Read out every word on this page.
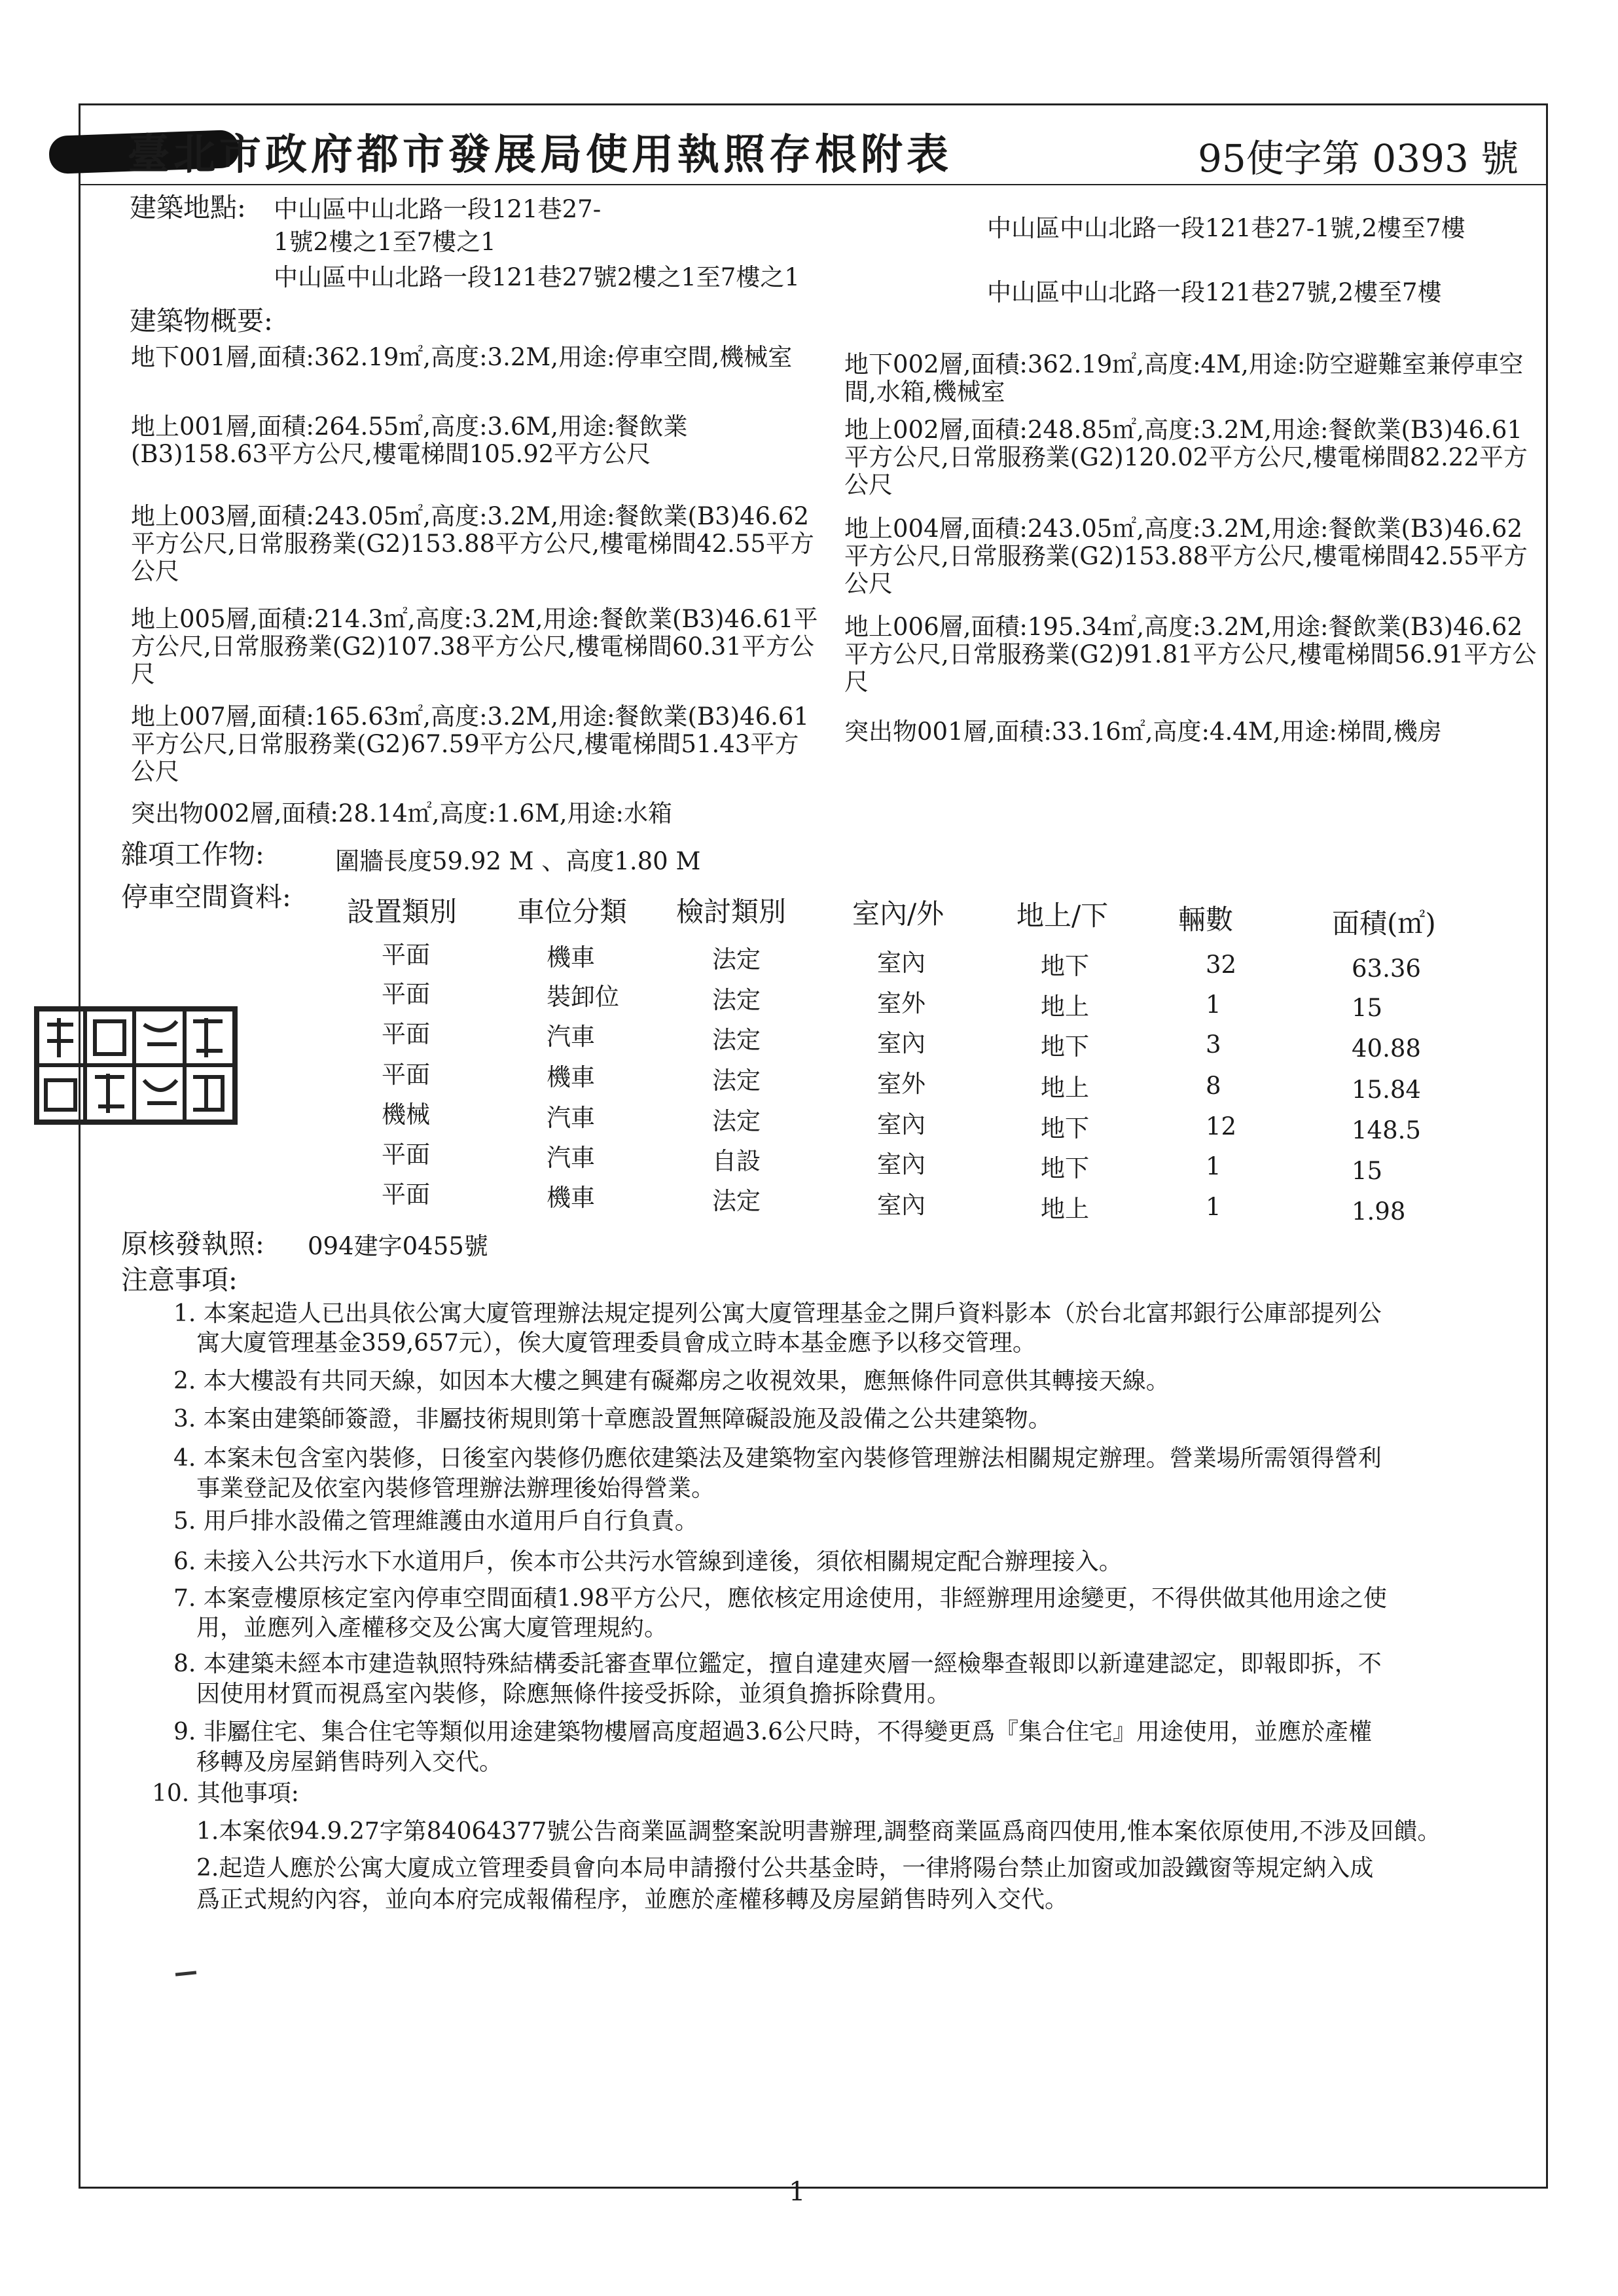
臺北市政府都市發展局使用執照存根附表	95使字第 0393 號
建築地點: 中山區中山北路一段121巷27-
1號2樓之1至7樓之1
中山區中山北路一段121巷27號2樓之1至7樓之1
中山區中山北路一段121巷27-1號,2樓至7樓
中山區中山北路一段121巷27號,2樓至7樓
建築物概要:
地下001層,面積:362.19㎡,高度:3.2M,用途:停車空間,機械室
地上001層,面積:264.55㎡,高度:3.6M,用途:餐飲業(B3)158.63平方公尺,樓電梯間105.92平方公尺
地上003層,面積:243.05㎡,高度:3.2M,用途:餐飲業(B3)46.62平方公尺,日常服務業(G2)153.88平方公尺,樓電梯間42.55平方公尺
地上005層,面積:214.3㎡,高度:3.2M,用途:餐飲業(B3)46.61平方公尺,日常服務業(G2)107.38平方公尺,樓電梯間60.31平方公尺
地上007層,面積:165.63㎡,高度:3.2M,用途:餐飲業(B3)46.61平方公尺,日常服務業(G2)67.59平方公尺,樓電梯間51.43平方公尺
突出物002層,面積:28.14㎡,高度:1.6M,用途:水箱
地下002層,面積:362.19㎡,高度:4M,用途:防空避難室兼停車空間,水箱,機械室
地上002層,面積:248.85㎡,高度:3.2M,用途:餐飲業(B3)46.61平方公尺,日常服務業(G2)120.02平方公尺,樓電梯間82.22平方公尺
地上004層,面積:243.05㎡,高度:3.2M,用途:餐飲業(B3)46.62平方公尺,日常服務業(G2)153.88平方公尺,樓電梯間42.55平方公尺
地上006層,面積:195.34㎡,高度:3.2M,用途:餐飲業(B3)46.62平方公尺,日常服務業(G2)91.81平方公尺,樓電梯間56.91平方公尺
突出物001層,面積:33.16㎡,高度:4.4M,用途:梯間,機房
雜項工作物:	圍牆長度59.92 M 、高度1.80 M
停車空間資料: 設置類別 車位分類 檢討類別 室內/外	地上/下	輛數	面積(㎡)
平面	機車	法定	室內	地下	32	63.36
平面	裝卸位	法定	室外	地上	1	15
平面	汽車	法定	室內	地下	3	40.88
平面	機車	法定	室外	地上	8	15.84
機械	汽車	法定	室內	地下	12	148.5
平面	汽車	自設	室內	地下	1	15
平面	機車	法定	室內	地上	1	1.98
原核發執照: 094建字0455號
注意事項:
1. 本案起造人已出具依公寓大廈管理辦法規定提列公寓大廈管理基金之開戶資料影本（於台北富邦銀行公庫部提列公
寓大廈管理基金359,657元），俟大廈管理委員會成立時本基金應予以移交管理。
2. 本大樓設有共同天線，如因本大樓之興建有礙鄰房之收視效果，應無條件同意供其轉接天線。
3. 本案由建築師簽證，非屬技術規則第十章應設置無障礙設施及設備之公共建築物。
4. 本案未包含室內裝修，日後室內裝修仍應依建築法及建築物室內裝修管理辦法相關規定辦理。營業場所需領得營利
事業登記及依室內裝修管理辦法辦理後始得營業。
5. 用戶排水設備之管理維護由水道用戶自行負責。
6. 未接入公共污水下水道用戶，俟本市公共污水管線到達後，須依相關規定配合辦理接入。
7. 本案壹樓原核定室內停車空間面積1.98平方公尺，應依核定用途使用，非經辦理用途變更，不得供做其他用途之使
用，並應列入產權移交及公寓大廈管理規約。
8. 本建築未經本市建造執照特殊結構委託審查單位鑑定，擅自違建夾層一經檢舉查報即以新違建認定，即報即拆，不
因使用材質而視爲室內裝修，除應無條件接受拆除，並須負擔拆除費用。
9. 非屬住宅、集合住宅等類似用途建築物樓層高度超過3.6公尺時，不得變更爲『集合住宅』用途使用，並應於產權
移轉及房屋銷售時列入交代。
10. 其他事項:
1.本案依94.9.27字第84064377號公告商業區調整案說明書辦理,調整商業區爲商四使用,惟本案依原使用,不涉及回饋。
2.起造人應於公寓大廈成立管理委員會向本局申請撥付公共基金時，一律將陽台禁止加窗或加設鐵窗等規定納入成
爲正式規約內容，並向本府完成報備程序，並應於產權移轉及房屋銷售時列入交代。
1
